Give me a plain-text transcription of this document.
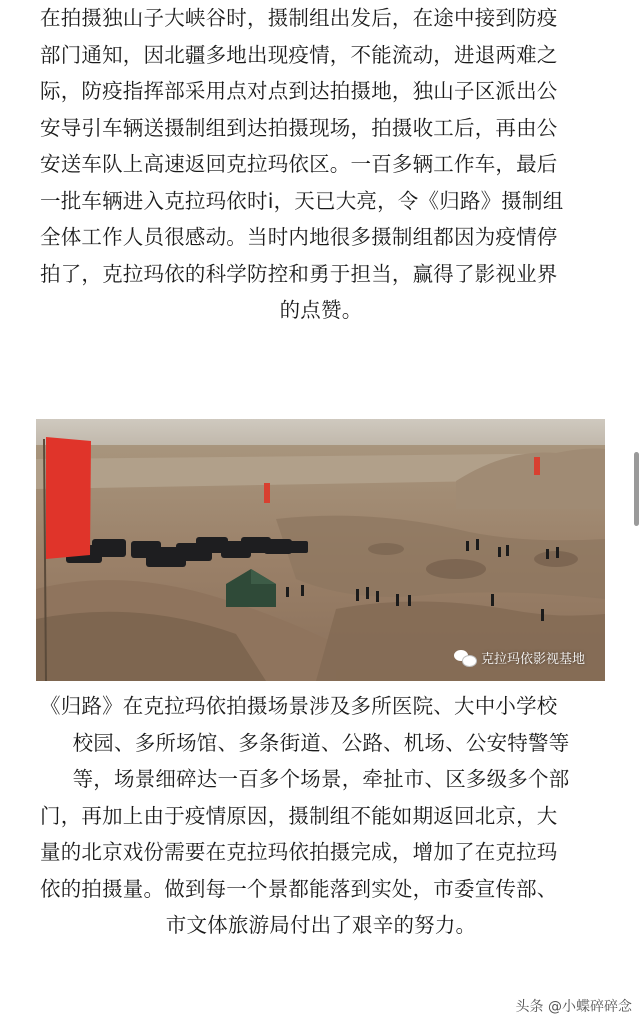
在拍摄独山子大峡谷时，摄制组出发后，在途中接到防疫
部门通知，因北疆多地出现疫情，不能流动，进退两难之
际，防疫指挥部采用点对点到达拍摄地，独山子区派出公
安导引车辆送摄制组到达拍摄现场，拍摄收工后，再由公
安送车队上高速返回克拉玛依区。一百多辆工作车，最后
一批车辆进入克拉玛依时i，天已大亮，令《归路》摄制组
全体工作人员很感动。当时内地很多摄制组都因为疫情停
拍了，克拉玛依的科学防控和勇于担当，赢得了影视业界
的点赞。
克拉玛依影视基地
《归路》在克拉玛依拍摄场景涉及多所医院、大中小学校
校园、多所场馆、多条街道、公路、机场、公安特警等
等，场景细碎达一百多个场景，牵扯市、区多级多个部
门，再加上由于疫情原因，摄制组不能如期返回北京，大
量的北京戏份需要在克拉玛依拍摄完成，增加了在克拉玛
依的拍摄量。做到每一个景都能落到实处，市委宣传部、
市文体旅游局付出了艰辛的努力。
头条 @小蝶碎碎念
